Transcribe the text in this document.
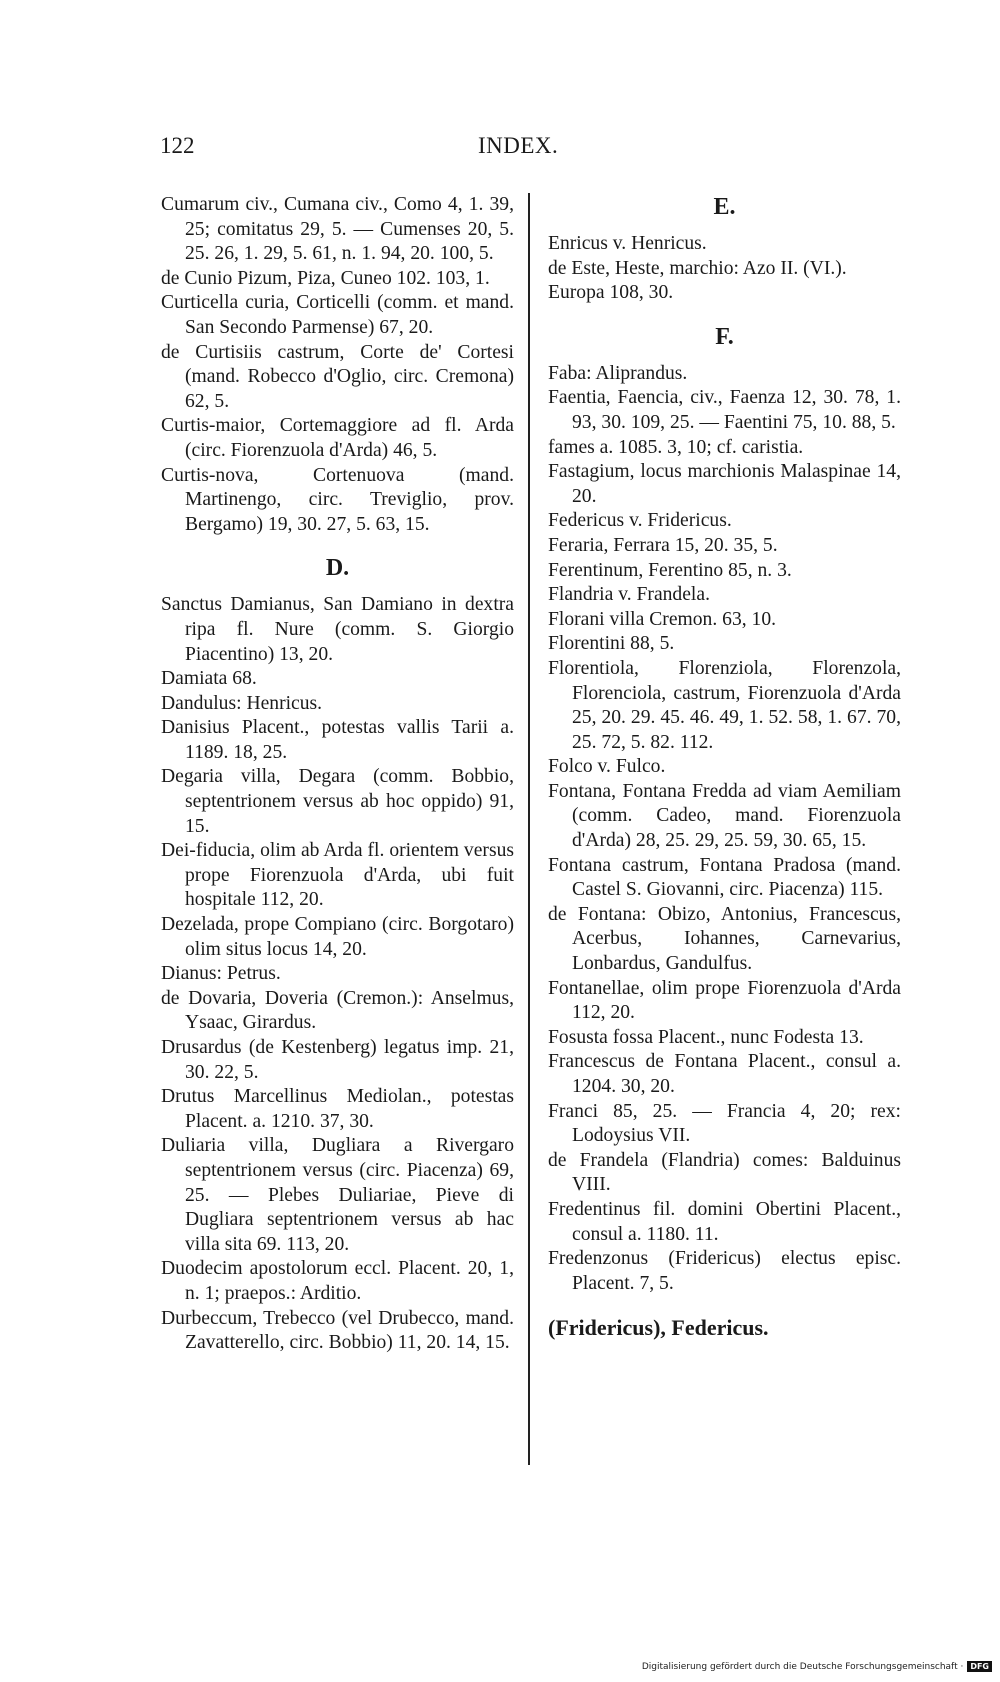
122	INDEX.
Cumarum civ., Cumana civ., Como 4, 1. 39, 25; comitatus 29, 5. — Cumenses 20, 5. 25. 26, 1. 29, 5. 61, n. 1. 94, 20. 100, 5.
de Cunio Pizum, Piza, Cuneo 102. 103, 1.
Curticella curia, Corticelli (comm. et mand. San Secondo Parmense) 67, 20.
de Curtisiis castrum, Corte de' Cortesi (mand. Robecco d'Oglio, circ. Cremona) 62, 5.
Curtis-maior, Cortemaggiore ad fl. Arda (circ. Fiorenzuola d'Arda) 46, 5.
Curtis-nova, Cortenuova (mand. Martinengo, circ. Treviglio, prov. Bergamo) 19, 30. 27, 5. 63, 15.
D.
Sanctus Damianus, San Damiano in dextra ripa fl. Nure (comm. S. Giorgio Piacentino) 13, 20.
Damiata 68.
Dandulus: Henricus.
Danisius Placent., potestas vallis Tarii a. 1189. 18, 25.
Degaria villa, Degara (comm. Bobbio, septentrionem versus ab hoc oppido) 91, 15.
Dei-fiducia, olim ab Arda fl. orientem versus prope Fiorenzuola d'Arda, ubi fuit hospitale 112, 20.
Dezelada, prope Compiano (circ. Borgotaro) olim situs locus 14, 20.
Dianus: Petrus.
de Dovaria, Doveria (Cremon.): Anselmus, Ysaac, Girardus.
Drusardus (de Kestenberg) legatus imp. 21, 30. 22, 5.
Drutus Marcellinus Mediolan., potestas Placent. a. 1210. 37, 30.
Duliaria villa, Dugliara a Rivergaro septentrionem versus (circ. Piacenza) 69, 25. — Plebes Duliariae, Pieve di Dugliara septentrionem versus ab hac villa sita 69. 113, 20.
Duodecim apostolorum eccl. Placent. 20, 1, n. 1; praepos.: Arditio.
Durbeccum, Trebecco (vel Drubecco, mand. Zavatterello, circ. Bobbio) 11, 20. 14, 15.
E.
Enricus v. Henricus.
de Este, Heste, marchio: Azo II. (VI.).
Europa 108, 30.
F.
Faba: Aliprandus.
Faentia, Faencia, civ., Faenza 12, 30. 78, 1. 93, 30. 109, 25. — Faentini 75, 10. 88, 5.
fames a. 1085. 3, 10; cf. caristia.
Fastagium, locus marchionis Malaspinae 14, 20.
Federicus v. Fridericus.
Feraria, Ferrara 15, 20. 35, 5.
Ferentinum, Ferentino 85, n. 3.
Flandria v. Frandela.
Florani villa Cremon. 63, 10.
Florentini 88, 5.
Florentiola, Florenziola, Florenzola, Florenciola, castrum, Fiorenzuola d'Arda 25, 20. 29. 45. 46. 49, 1. 52. 58, 1. 67. 70, 25. 72, 5. 82. 112.
Folco v. Fulco.
Fontana, Fontana Fredda ad viam Aemiliam (comm. Cadeo, mand. Fiorenzuola d'Arda) 28, 25. 29, 25. 59, 30. 65, 15.
Fontana castrum, Fontana Pradosa (mand. Castel S. Giovanni, circ. Piacenza) 115.
de Fontana: Obizo, Antonius, Francescus, Acerbus, Iohannes, Carnevarius, Lonbardus, Gandulfus.
Fontanellae, olim prope Fiorenzuola d'Arda 112, 20.
Fosusta fossa Placent., nunc Fodesta 13.
Francescus de Fontana Placent., consul a. 1204. 30, 20.
Franci 85, 25. — Francia 4, 20; rex: Lodoysius VII.
de Frandela (Flandria) comes: Balduinus VIII.
Fredentinus fil. domini Obertini Placent., consul a. 1180. 11.
Fredenzonus (Fridericus) electus episc. Placent. 7, 5.
(Fridericus), Federicus.
Digitalisierung gefördert durch die Deutsche Forschungsgemeinschaft · DFG
